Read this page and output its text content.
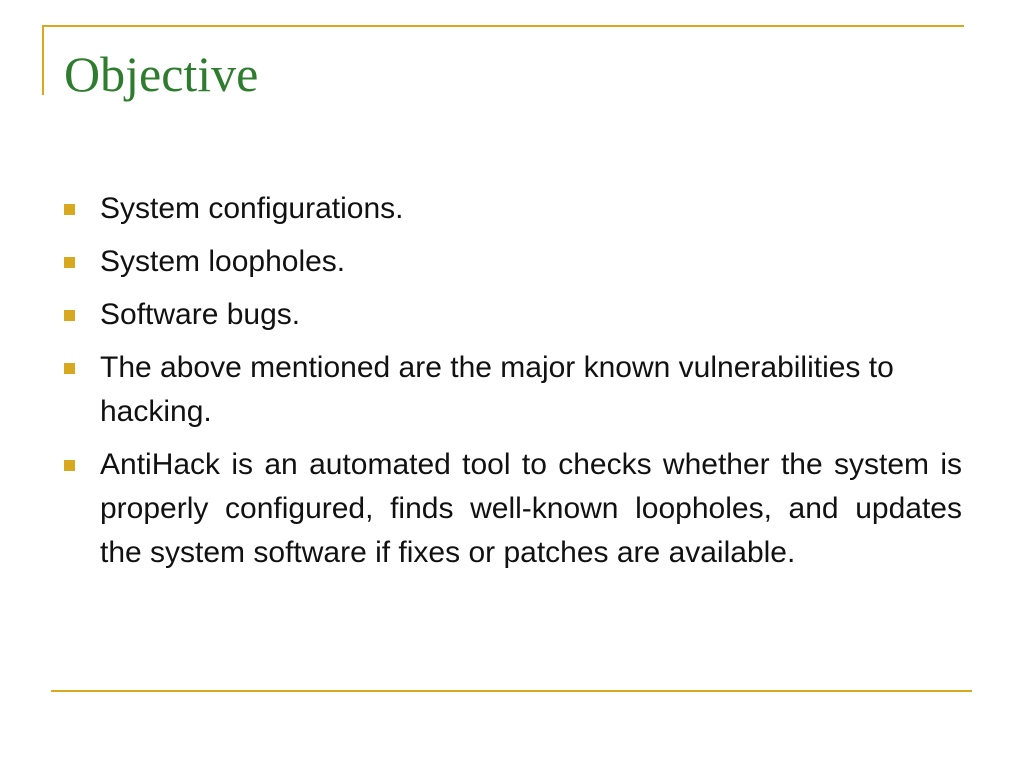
Objective
System configurations.
System loopholes.
Software bugs.
The above mentioned are the major known vulnerabilities to hacking.
AntiHack is an automated tool to checks whether the system is properly configured, finds well-known loopholes, and updates the system software if fixes or patches are available.
